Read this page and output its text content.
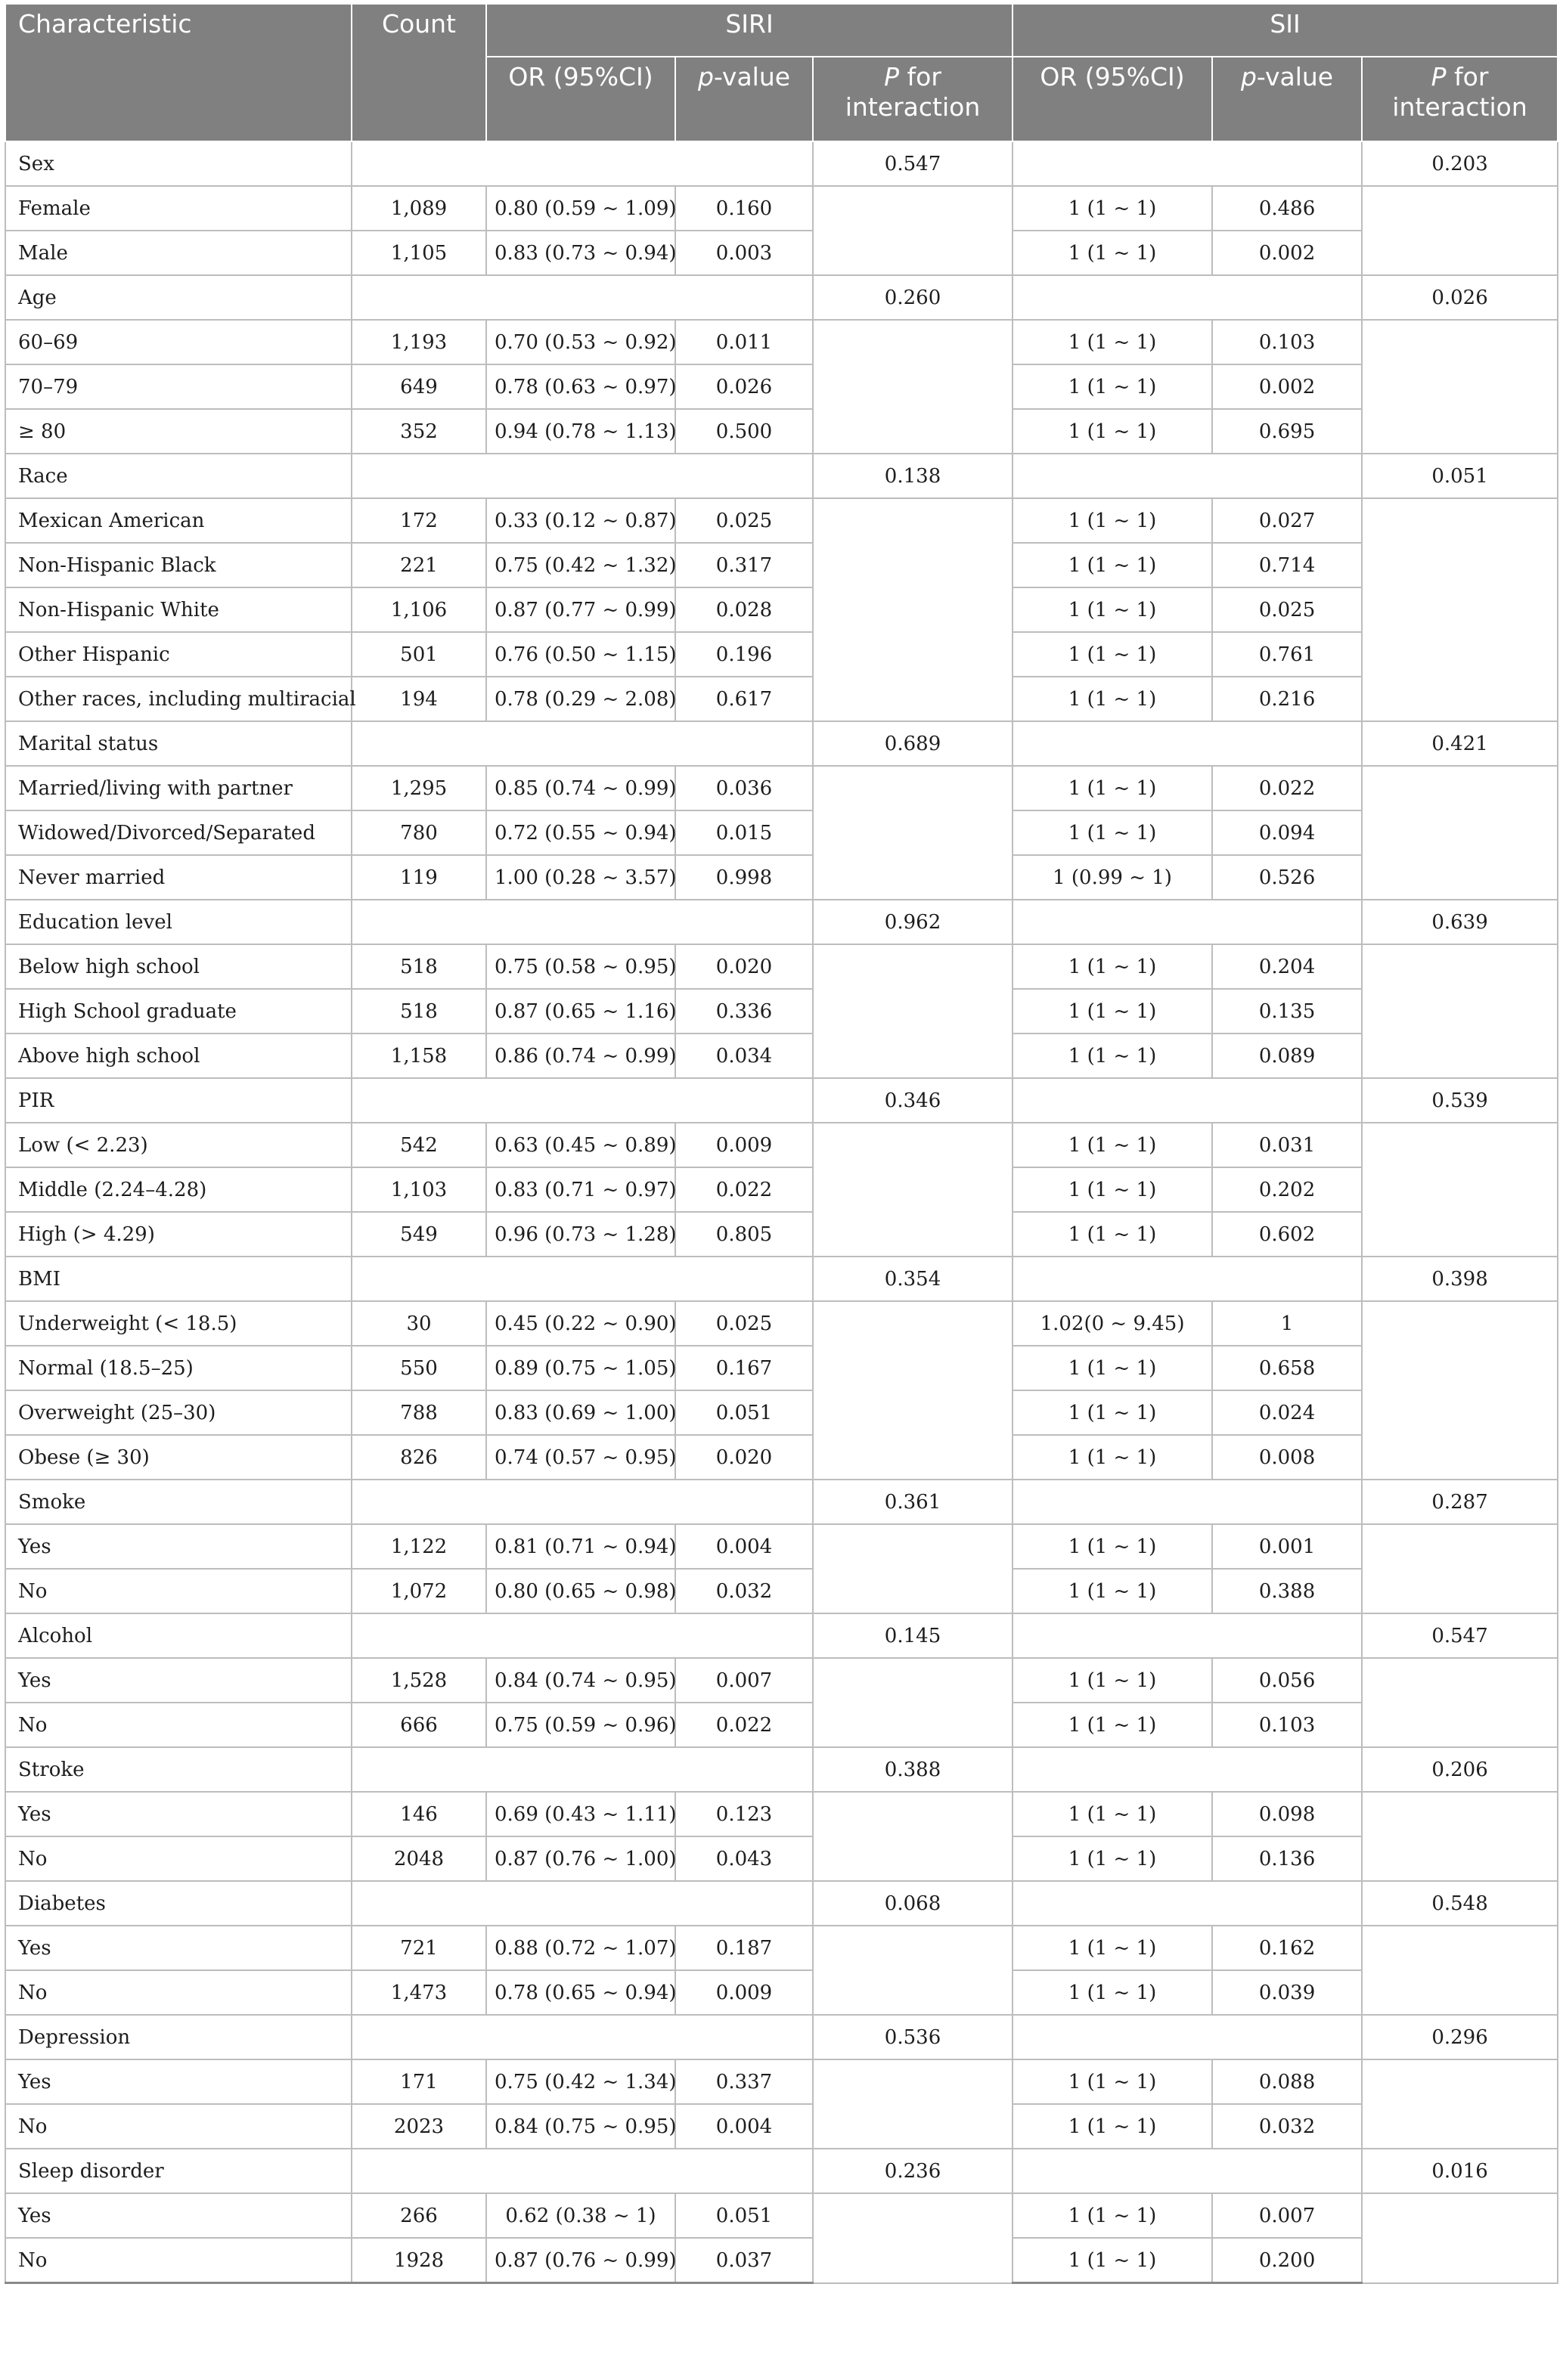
Characteristic	Count	SIRI			SII		
		OR (95%CI)	p-value	P for interaction	OR (95%CI)	p-value	P for interaction
Sex				0.547			0.203
Female	1,089	0.80 (0.59 ~ 1.09)	0.160		1 (1 ~ 1)	0.486	
Male	1,105	0.83 (0.73 ~ 0.94)	0.003		1 (1 ~ 1)	0.002	
Age				0.260			0.026
60–69	1,193	0.70 (0.53 ~ 0.92)	0.011		1 (1 ~ 1)	0.103	
70–79	649	0.78 (0.63 ~ 0.97)	0.026		1 (1 ~ 1)	0.002	
≥ 80	352	0.94 (0.78 ~ 1.13)	0.500		1 (1 ~ 1)	0.695	
Race				0.138			0.051
Mexican American	172	0.33 (0.12 ~ 0.87)	0.025		1 (1 ~ 1)	0.027	
Non-Hispanic Black	221	0.75 (0.42 ~ 1.32)	0.317		1 (1 ~ 1)	0.714	
Non-Hispanic White	1,106	0.87 (0.77 ~ 0.99)	0.028		1 (1 ~ 1)	0.025	
Other Hispanic	501	0.76 (0.50 ~ 1.15)	0.196		1 (1 ~ 1)	0.761	
Other races, including multiracial	194	0.78 (0.29 ~ 2.08)	0.617		1 (1 ~ 1)	0.216	
Marital status				0.689			0.421
Married/living with partner	1,295	0.85 (0.74 ~ 0.99)	0.036		1 (1 ~ 1)	0.022	
Widowed/Divorced/Separated	780	0.72 (0.55 ~ 0.94)	0.015		1 (1 ~ 1)	0.094	
Never married	119	1.00 (0.28 ~ 3.57)	0.998		1 (0.99 ~ 1)	0.526	
Education level				0.962			0.639
Below high school	518	0.75 (0.58 ~ 0.95)	0.020		1 (1 ~ 1)	0.204	
High School graduate	518	0.87 (0.65 ~ 1.16)	0.336		1 (1 ~ 1)	0.135	
Above high school	1,158	0.86 (0.74 ~ 0.99)	0.034		1 (1 ~ 1)	0.089	
PIR				0.346			0.539
Low (< 2.23)	542	0.63 (0.45 ~ 0.89)	0.009		1 (1 ~ 1)	0.031	
Middle (2.24–4.28)	1,103	0.83 (0.71 ~ 0.97)	0.022		1 (1 ~ 1)	0.202	
High (> 4.29)	549	0.96 (0.73 ~ 1.28)	0.805		1 (1 ~ 1)	0.602	
BMI				0.354			0.398
Underweight (< 18.5)	30	0.45 (0.22 ~ 0.90)	0.025		1.02(0 ~ 9.45)	1	
Normal (18.5–25)	550	0.89 (0.75 ~ 1.05)	0.167		1 (1 ~ 1)	0.658	
Overweight (25–30)	788	0.83 (0.69 ~ 1.00)	0.051		1 (1 ~ 1)	0.024	
Obese (≥ 30)	826	0.74 (0.57 ~ 0.95)	0.020		1 (1 ~ 1)	0.008	
Smoke				0.361			0.287
Yes	1,122	0.81 (0.71 ~ 0.94)	0.004		1 (1 ~ 1)	0.001	
No	1,072	0.80 (0.65 ~ 0.98)	0.032		1 (1 ~ 1)	0.388	
Alcohol				0.145			0.547
Yes	1,528	0.84 (0.74 ~ 0.95)	0.007		1 (1 ~ 1)	0.056	
No	666	0.75 (0.59 ~ 0.96)	0.022		1 (1 ~ 1)	0.103	
Stroke				0.388			0.206
Yes	146	0.69 (0.43 ~ 1.11)	0.123		1 (1 ~ 1)	0.098	
No	2048	0.87 (0.76 ~ 1.00)	0.043		1 (1 ~ 1)	0.136	
Diabetes				0.068			0.548
Yes	721	0.88 (0.72 ~ 1.07)	0.187		1 (1 ~ 1)	0.162	
No	1,473	0.78 (0.65 ~ 0.94)	0.009		1 (1 ~ 1)	0.039	
Depression				0.536			0.296
Yes	171	0.75 (0.42 ~ 1.34)	0.337		1 (1 ~ 1)	0.088	
No	2023	0.84 (0.75 ~ 0.95)	0.004		1 (1 ~ 1)	0.032	
Sleep disorder				0.236			0.016
Yes	266	0.62 (0.38 ~ 1)	0.051		1 (1 ~ 1)	0.007	
No	1928	0.87 (0.76 ~ 0.99)	0.037		1 (1 ~ 1)	0.200	
